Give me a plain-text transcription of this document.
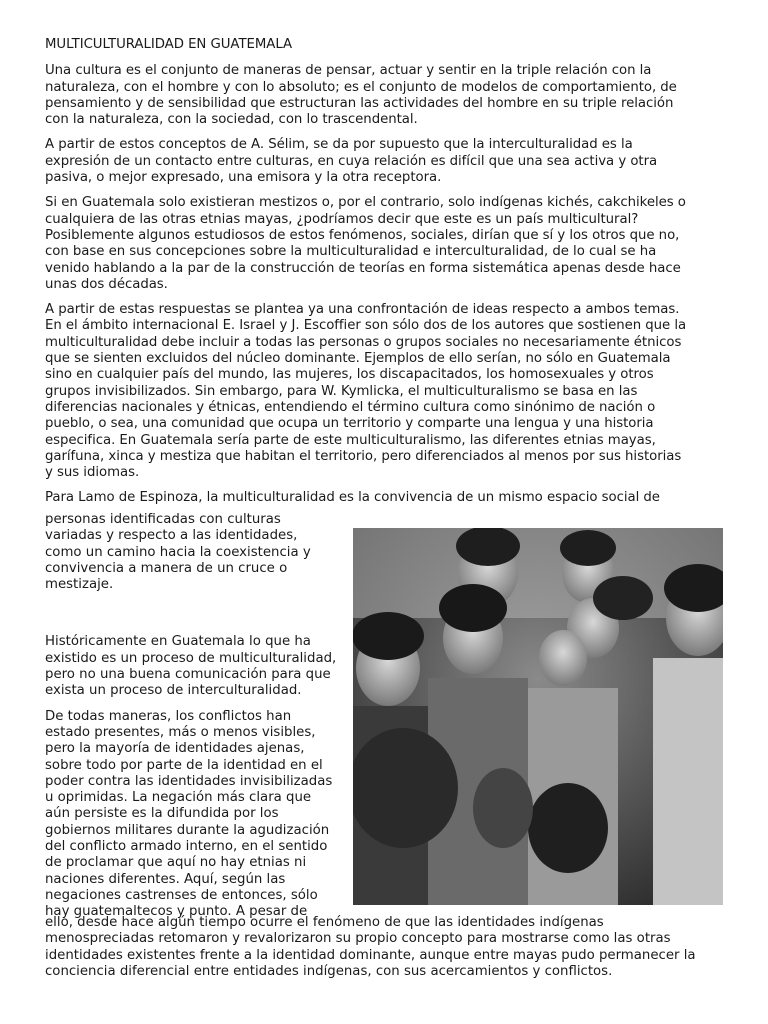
MULTICULTURALIDAD EN GUATEMALA

Una cultura es el conjunto de maneras de pensar, actuar y sentir en la triple relación con la
naturaleza, con el hombre y con lo absoluto; es el conjunto de modelos de comportamiento, de
pensamiento y de sensibilidad que estructuran las actividades del hombre en su triple relación
con la naturaleza, con la sociedad, con lo trascendental.

A partir de estos conceptos de A. Sélim, se da por supuesto que la interculturalidad es la
expresión de un contacto entre culturas, en cuya relación es difícil que una sea activa y otra
pasiva, o mejor expresado, una emisora y la otra receptora.

Si en Guatemala solo existieran mestizos o, por el contrario, solo indígenas kichés, cakchikeles o
cualquiera de las otras etnias mayas, ¿podríamos decir que este es un país multicultural?
Posiblemente algunos estudiosos de estos fenómenos, sociales, dirían que sí y los otros que no,
con base en sus concepciones sobre la multiculturalidad e interculturalidad, de lo cual se ha
venido hablando a la par de la construcción de teorías en forma sistemática apenas desde hace
unas dos décadas.

A partir de estas respuestas se plantea ya una confrontación de ideas respecto a ambos temas.
En el ámbito internacional E. Israel y J. Escoffier son sólo dos de los autores que sostienen que la
multiculturalidad debe incluir a todas las personas o grupos sociales no necesariamente étnicos
que se sienten excluidos del núcleo dominante. Ejemplos de ello serían, no sólo en Guatemala
sino en cualquier país del mundo, las mujeres, los discapacitados, los homosexuales y otros
grupos invisibilizados. Sin embargo, para W. Kymlicka, el multiculturalismo se basa en las
diferencias nacionales y étnicas, entendiendo el término cultura como sinónimo de nación o
pueblo, o sea, una comunidad que ocupa un territorio y comparte una lengua y una historia
especifica. En Guatemala sería parte de este multiculturalismo, las diferentes etnias mayas,
garífuna, xinca y mestiza que habitan el territorio, pero diferenciados al menos por sus historias
y sus idiomas.

Para Lamo de Espinoza, la multiculturalidad es la convivencia de un mismo espacio social de

personas identificadas con culturas
variadas y respecto a las identidades,
como un camino hacia la coexistencia y
convivencia a manera de un cruce o
mestizaje.

Históricamente en Guatemala lo que ha
existido es un proceso de multiculturalidad,
pero no una buena comunicación para que
exista un proceso de interculturalidad.

De todas maneras, los conflictos han
estado presentes, más o menos visibles,
pero la mayoría de identidades ajenas,
sobre todo por parte de la identidad en el
poder contra las identidades invisibilizadas
u oprimidas. La negación más clara que
aún persiste es la difundida por los
gobiernos militares durante la agudización
del conflicto armado interno, en el sentido
de proclamar que aquí no hay etnias ni
naciones diferentes. Aquí, según las
negaciones castrenses de entonces, sólo
hay guatemaltecos y punto. A pesar de

ello, desde hace algún tiempo ocurre el fenómeno de que las identidades indígenas
menospreciadas retomaron y revalorizaron su propio concepto para mostrarse como las otras
identidades existentes frente a la identidad dominante, aunque entre mayas pudo permanecer la
conciencia diferencial entre entidades indígenas, con sus acercamientos y conflictos.
